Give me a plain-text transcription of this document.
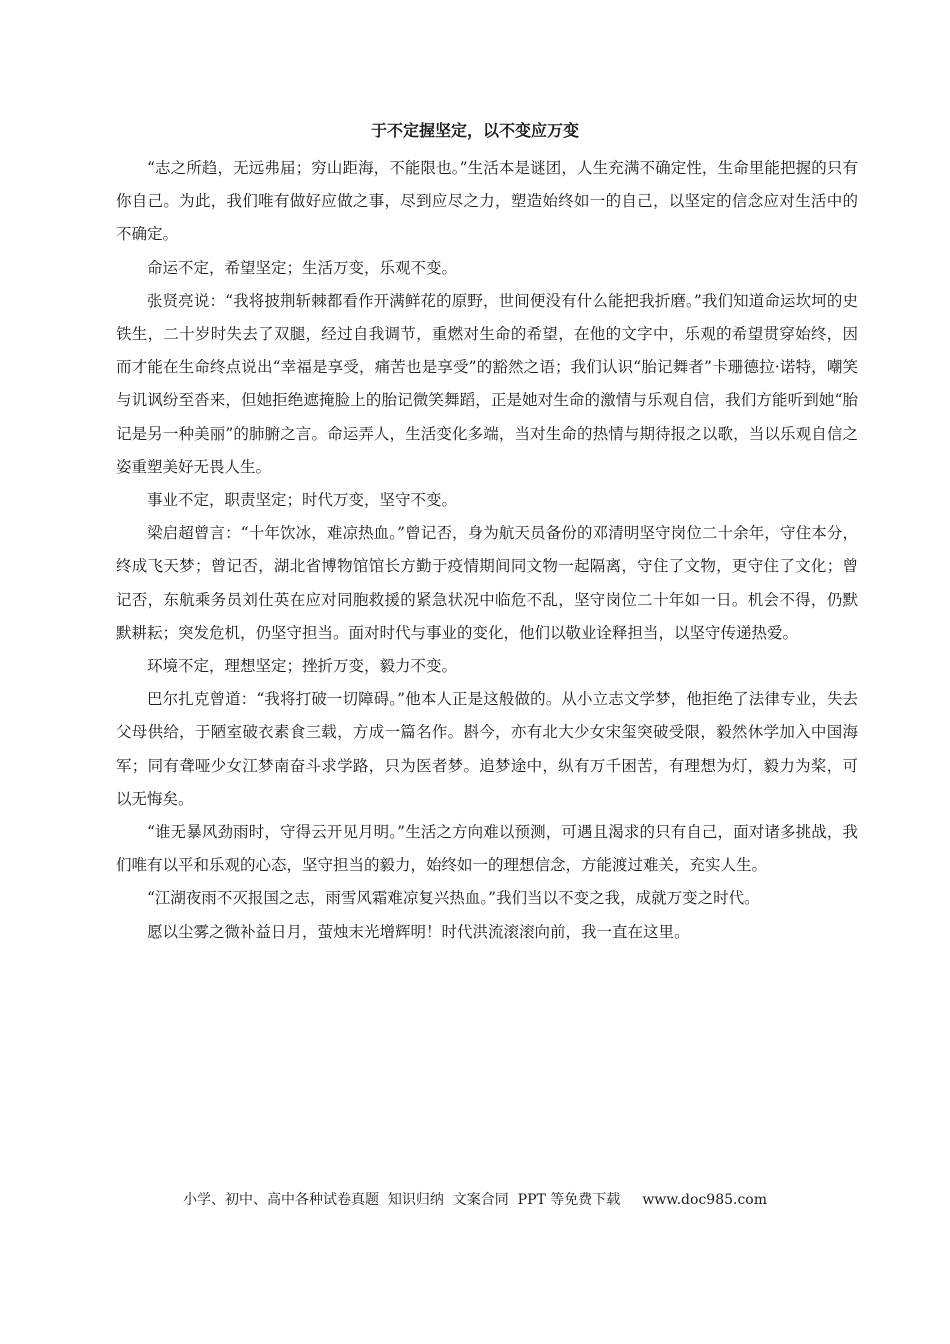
于不定握坚定，以不变应万变

“志之所趋，无远弗届；穷山距海，不能限也。”生活本是谜团，人生充满不确定性，生命里能把握的只有你自己。为此，我们唯有做好应做之事，尽到应尽之力，塑造始终如一的自己，以坚定的信念应对生活中的不确定。

命运不定，希望坚定；生活万变，乐观不变。

张贤亮说：“我将披荆斩棘都看作开满鲜花的原野，世间便没有什么能把我折磨。”我们知道命运坎坷的史铁生，二十岁时失去了双腿，经过自我调节，重燃对生命的希望，在他的文字中，乐观的希望贯穿始终，因而才能在生命终点说出“幸福是享受，痛苦也是享受”的豁然之语；我们认识“胎记舞者”卡珊德拉·诺特，嘲笑与讥讽纷至沓来，但她拒绝遮掩脸上的胎记微笑舞蹈，正是她对生命的激情与乐观自信，我们方能听到她“胎记是另一种美丽”的肺腑之言。命运弄人，生活变化多端，当对生命的热情与期待报之以歌，当以乐观自信之姿重塑美好无畏人生。

事业不定，职责坚定；时代万变，坚守不变。

梁启超曾言：“十年饮冰，难凉热血。”曾记否，身为航天员备份的邓清明坚守岗位二十余年，守住本分，终成飞天梦；曾记否，湖北省博物馆馆长方勤于疫情期间同文物一起隔离，守住了文物，更守住了文化；曾记否，东航乘务员刘仕英在应对同胞救援的紧急状况中临危不乱，坚守岗位二十年如一日。机会不得，仍默默耕耘；突发危机，仍坚守担当。面对时代与事业的变化，他们以敬业诠释担当，以坚守传递热爱。

环境不定，理想坚定；挫折万变，毅力不变。

巴尔扎克曾道：“我将打破一切障碍。”他本人正是这般做的。从小立志文学梦，他拒绝了法律专业，失去父母供给，于陋室破衣素食三载，方成一篇名作。斟今，亦有北大少女宋玺突破受限，毅然休学加入中国海军；同有聋哑少女江梦南奋斗求学路，只为医者梦。追梦途中，纵有万千困苦，有理想为灯，毅力为桨，可以无悔矣。

“谁无暴风劲雨时，守得云开见月明。”生活之方向难以预测，可遇且渴求的只有自己，面对诸多挑战，我们唯有以平和乐观的心态，坚守担当的毅力，始终如一的理想信念，方能渡过难关，充实人生。

“江湖夜雨不灭报国之志，雨雪风霜难凉复兴热血。”我们当以不变之我，成就万变之时代。

愿以尘雾之微补益日月，萤烛末光增辉明！时代洪流滚滚向前，我一直在这里。

小学、初中、高中各种试卷真题  知识归纳  文案合同  PPT 等免费下载 www.doc985.com
